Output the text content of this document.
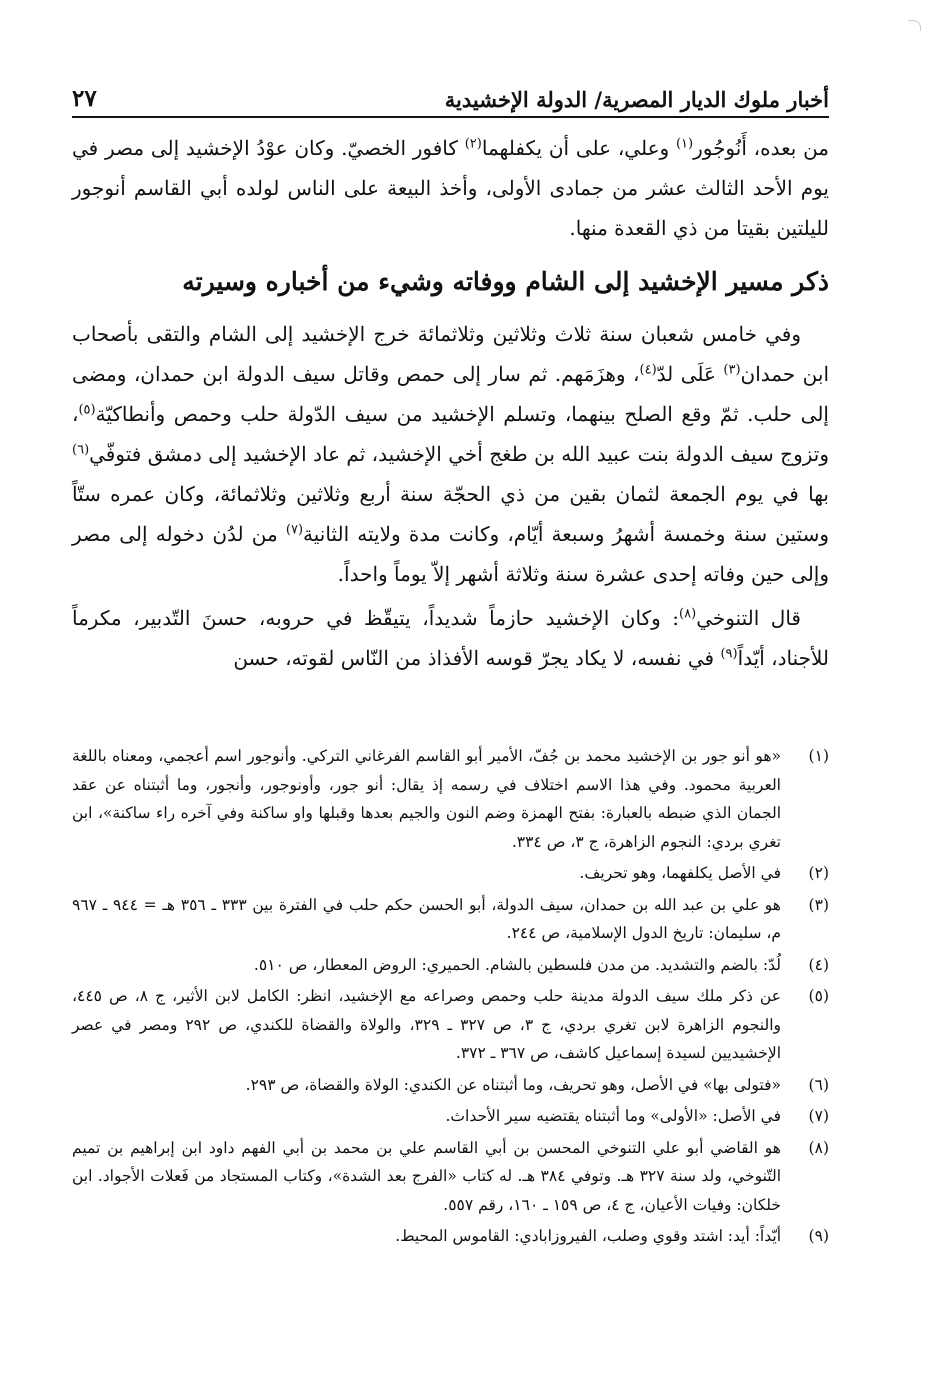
أخبار ملوك الديار المصرية/ الدولة الإخشيدية
٢٧

من بعده، أَنُوجُور$^{(١)}$ وعلي، على أن يكفلهما$^{(٢)}$ كافور الخصيّ. وكان عوْدُ الإخشيد إلى مصر في يوم الأحد الثالث عشر من جمادى الأولى، وأخذ البيعة على الناس لولده أبي القاسم أنوجور لليلتين بقيتا من ذي القعدة منها.

ذكر مسير الإخشيد إلى الشام ووفاته وشيء من أخباره وسيرته

وفي خامس شعبان سنة ثلاث وثلاثين وثلاثمائة خرج الإخشيد إلى الشام والتقى بأصحاب ابن حمدان$^{(٣)}$ عَلَى لدّ$^{(٤)}$، وهزَمَهم. ثم سار إلى حمص وقاتل سيف الدولة ابن حمدان، ومضى إلى حلب. ثمّ وقع الصلح بينهما، وتسلم الإخشيد من سيف الدّولة حلب وحمص وأنطاكيّة$^{(٥)}$، وتزوج سيف الدولة بنت عبيد الله بن طغج أخي الإخشيد، ثم عاد الإخشيد إلى دمشق فتوفّي$^{(٦)}$ بها في يوم الجمعة لثمان بقين من ذي الحجّة سنة أربع وثلاثين وثلاثمائة، وكان عمره ستّاً وستين سنة وخمسة أشهرُ وسبعة أيّام، وكانت مدة ولايته الثانية$^{(٧)}$ من لدُن دخوله إلى مصر وإلى حين وفاته إحدى عشرة سنة وثلاثة أشهر إلاّ يوماً واحداً.

قال التنوخي$^{(٨)}$: وكان الإخشيد حازماً شديداً، يتيقّظ في حروبه، حسنَ التّدبير، مكرماً للأجناد، أيّداً$^{(٩)}$ في نفسه، لا يكاد يجرّ قوسه الأفذاذ من النّاس لقوته، حسن

(١)
«هو أنو جور بن الإخشيد محمد بن جُفّ، الأمير أبو القاسم الفرغاني التركي. وأنوجور اسم أعجمي، ومعناه باللغة العربية محمود. وفي هذا الاسم اختلاف في رسمه إذ يقال: أنو جور، وأونوجور، وأنجور، وما أثبتناه عن عقد الجمان الذي ضبطه بالعبارة: بفتح الهمزة وضم النون والجيم بعدها وقبلها واو ساكنة وفي آخره راء ساكنة»، ابن تغري بردي: النجوم الزاهرة، ج ٣، ص ٣٣٤.
(٢)
في الأصل يكلفهما، وهو تحريف.
(٣)
هو علي بن عبد الله بن حمدان، سيف الدولة، أبو الحسن حكم حلب في الفترة بين ٣٣٣ ـ ٣٥٦ هـ = ٩٤٤ ـ ٩٦٧ م، سليمان: تاريخ الدول الإسلامية، ص ٢٤٤.
(٤)
لُدّ: بالضم والتشديد. من مدن فلسطين بالشام. الحميري: الروض المعطار، ص ٥١٠.
(٥)
عن ذكر ملك سيف الدولة مدينة حلب وحمص وصراعه مع الإخشيد، انظر: الكامل لابن الأثير، ج ٨، ص ٤٤٥، والنجوم الزاهرة لابن تغري بردي، ج ٣، ص ٣٢٧ ـ ٣٢٩، والولاة والقضاة للكندي، ص ٢٩٢ ومصر في عصر الإخشيديين لسيدة إسماعيل كاشف، ص ٣٦٧ ـ ٣٧٢.
(٦)
«فتولى بها» في الأصل، وهو تحريف، وما أثبتناه عن الكندي: الولاة والقضاة، ص ٢٩٣.
(٧)
في الأصل: «الأولى» وما أثبتناه يقتضيه سير الأحداث.
(٨)
هو القاضي أبو علي التنوخي المحسن بن أبي القاسم علي بن محمد بن أبي الفهم داود ابن إبراهيم بن تميم التّنوخي، ولد سنة ٣٢٧ هـ. وتوفي ٣٨٤ هـ. له كتاب «الفرج بعد الشدة»، وكتاب المستجاد من فَعلات الأجواد. ابن خلكان: وفيات الأعيان، ج ٤، ص ١٥٩ ـ ١٦٠، رقم ٥٥٧.
(٩)
أيّداً: أيد: اشتد وقوي وصلب، الفيروزابادي: القاموس المحيط.
